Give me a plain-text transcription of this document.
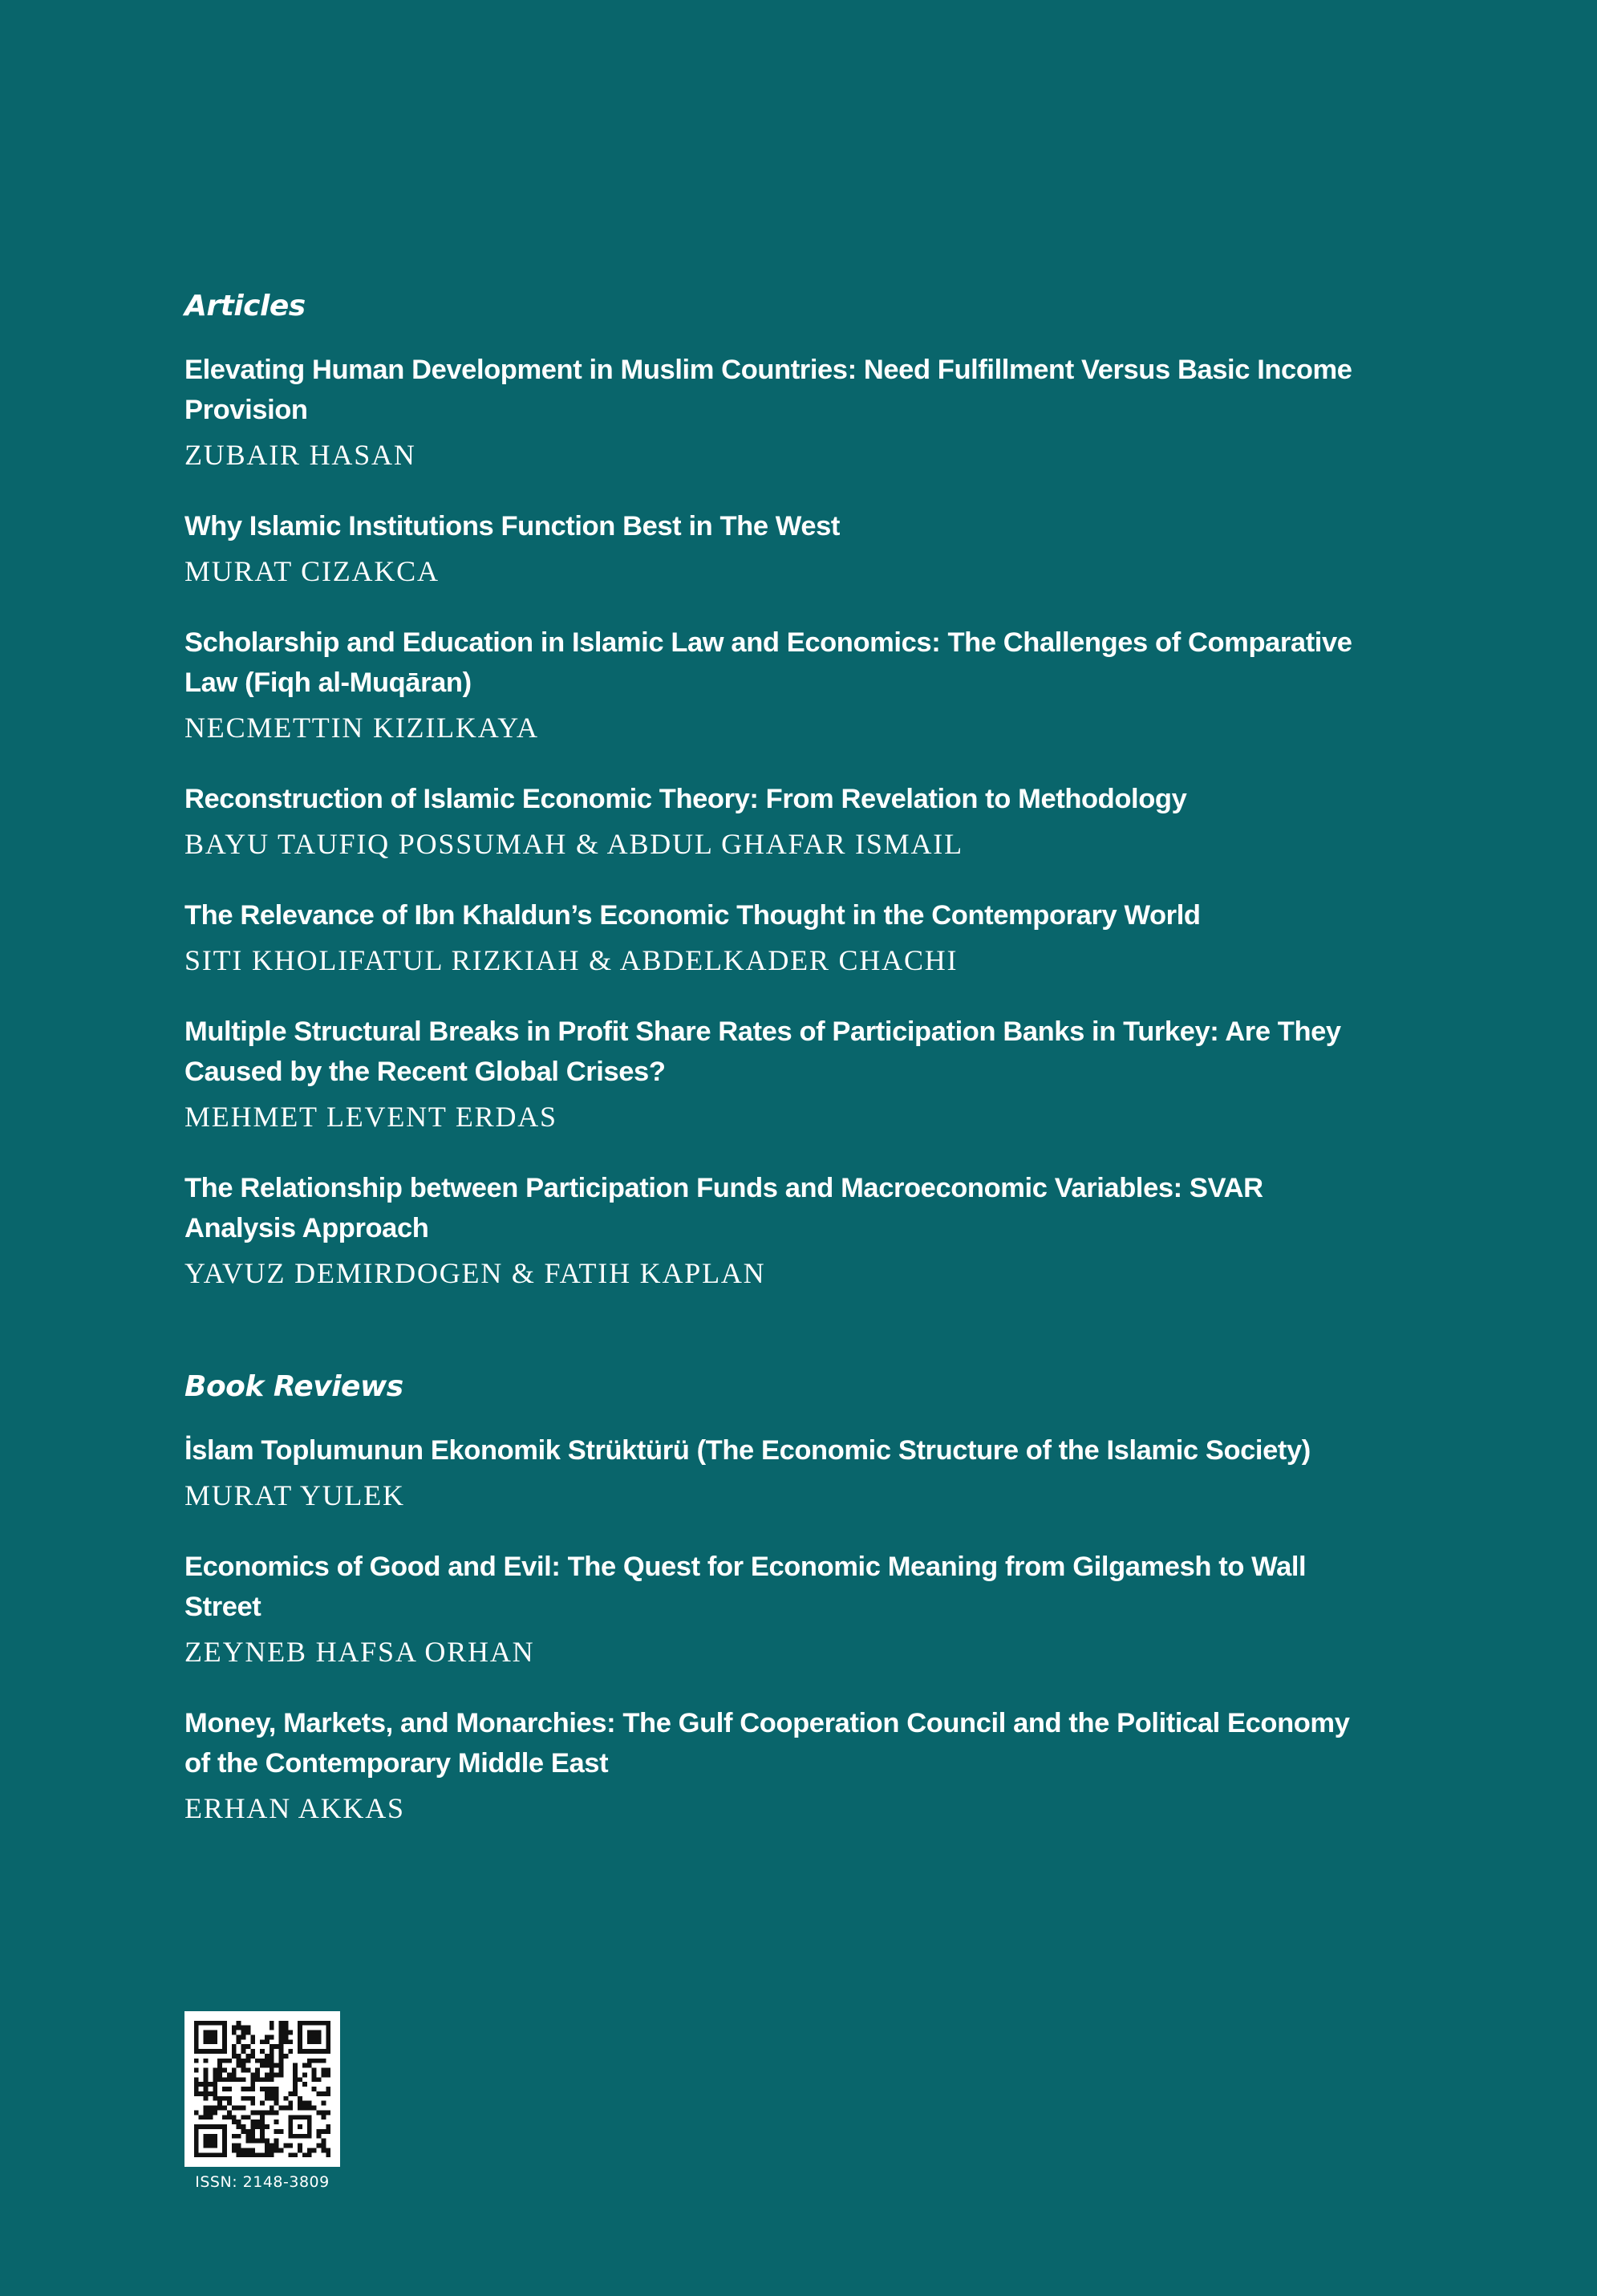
Articles
Elevating Human Development in Muslim Countries: Need Fulfillment Versus Basic Income Provision
ZUBAIR HASAN
Why Islamic Institutions Function Best in The West
MURAT CIZAKCA
Scholarship and Education in Islamic Law and Economics: The Challenges of Comparative Law (Fiqh al-Muqāran)
NECMETTIN KIZILKAYA
Reconstruction of Islamic Economic Theory: From Revelation to Methodology
BAYU TAUFIQ POSSUMAH & ABDUL GHAFAR ISMAIL
The Relevance of Ibn Khaldun’s Economic Thought in the Contemporary World
SITI KHOLIFATUL RIZKIAH & ABDELKADER CHACHI
Multiple Structural Breaks in Profit Share Rates of Participation Banks in Turkey: Are They Caused by the Recent Global Crises?
MEHMET LEVENT ERDAS
The Relationship between Participation Funds and Macroeconomic Variables: SVAR Analysis Approach
YAVUZ DEMIRDOGEN & FATIH KAPLAN
Book Reviews
İslam Toplumunun Ekonomik Strüktürü (The Economic Structure of the Islamic Society)
MURAT YULEK
Economics of Good and Evil: The Quest for Economic Meaning from Gilgamesh to Wall Street
ZEYNEB HAFSA ORHAN
Money, Markets, and Monarchies: The Gulf Cooperation Council and the Political Economy of the Contemporary Middle East
ERHAN AKKAS
ISSN: 2148-3809
